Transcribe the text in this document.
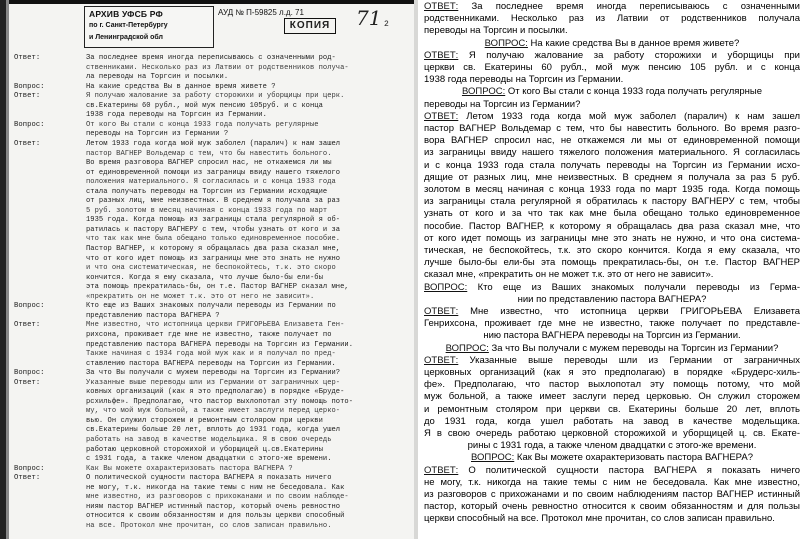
АРХИВ УФСБ РФ
по г. Санкт-Петербургу
и Ленинградской обл
АУД № П-59825 л.д. 71
КОПИЯ 71 2
Ответ:	За последнее время иногда переписываюсь с означенными род-
ственниками. Несколько раз из Латвии от родственников получа-
ла переводы на Торгсин и посылки.
Вопрос:	На какие средства Вы в данное время живете ?
Ответ:	Я получаю жалование за работу сторожихи и уборщицы при церк.
св.Екатерины 60 рубл., мой муж пенсию 105руб. и с конца
1938 года переводы на Торгсин из Германии.
Вопрос:	От кого Вы стали с конца 1933 года получать регулярные
переводы на Торгсин из Германии ?
Ответ:	Летом 1933 года когда мой муж заболел (паралич) к нам зашел
пастор ВАГНЕР Вольдемар с тем, что бы навестить больного.
Во время разговора ВАГНЕР спросил нас, не откажемся ли мы
от единовременной помощи из заграницы ввиду нашего тяжелого
положения материального. Я согласилась и с конца 1933 года
стала получать переводы на Торгсин из Германии исходящие
от разных лиц, мне неизвестных. В среднем я получала за раз
5 руб. золотом в месяц начиная с конца 1933 года по март
1935 года. Когда помощь из заграницы стала регулярной я об-
ратилась к пастору ВАГНЕРУ с тем, чтобы узнать от кого и за
что так как мне была обещано только единовременное пособие.
Пастор ВАГНЕР, к которому я обращалась два раза сказал мне,
что от кого идет помощь из заграницы мне это знать не нужно
и что она систематическая, не беспокойтесь, т.к. это скоро
кончится. Когда я ему сказала, что лучше было-бы ели-бы
эта помощь прекратилась-бы, он т.е. Пастор ВАГНЕР сказал мне,
«прекратить он не может т.к. это от него не зависит».
Вопрос:	Кто еще из Ваших знакомых получали переводы из Германии по
представлению пастора ВАГНЕРА ?
Ответ:	Мне известно, что истопница церкви ГРИГОРЬЕВА Елизавета Ген-
рихсона, проживает где мне не известно, также получает по
представлению пастора ВАГНЕРА переводы на Торгсин из Германии.
Также начиная с 1934 года мой муж как и я получал по пред-
ставлению пастора ВАГНЕРА переводы на Торгсин из Германии.
Вопрос:	За что Вы получали с мужем переводы на Торгсин из Германии?
Ответ:	Указанные выше переводы шли из Германии от заграничных цер-
ковных организаций (как я это предполагаю) в порядке «Бруде-
рсхильфе». Предполагаю, что пастор выхлопотал эту помощь пото-
му, что мой муж больной, а также имеет заслуги перед церко-
вью. Он служил сторожем и ремонтным столяром при церкви
св.Екатерины больше 20 лет, вплоть до 1931 года, когда ушел
работать на завод в качестве модельщика. Я в свою очередь
работаю церковной сторожихой и уборщицей ц.св.Екатерины
с 1931 года, а также членом двадцатки с этого-же времени.
Вопрос:	Как Вы можете охарактеризовать пастора ВАГНЕРА ?
Ответ:	О политической сущности пастора ВАГНЕРА я показать ничего
не могу, т.к. никогда на такие темы с ним не беседовала. Как
мне известно, из разговоров с прихожанами и по своим наблюде-
ниям пастор ВАГНЕР истинный пастор, который очень ревностно
относится к своим обязанностям и для пользы церкви способный
на все. Протокол мне прочитан, со слов записан правильно.
ОТВЕТ: За последнее время иногда переписываюсь с означенными
родственниками. Несколько раз из Латвии от родственников получала
переводы на Торгсин и посылки.
ВОПРОС: На какие средства Вы в данное время живете?
ОТВЕТ: Я получаю жалование за работу сторожихи и уборщицы при
церкви св. Екатерины 60 рубл., мой муж пенсию 105 рубл. и с конца
1938 года переводы на Торгсин из Германии.
ВОПРОС: От кого Вы стали с конца 1933 года получать регулярные
переводы на Торгсин из Германии?
ОТВЕТ: Летом 1933 года когда мой муж заболел (паралич) к нам зашел
пастор ВАГНЕР Вольдемар с тем, что бы навестить больного. Во время разго-
вора ВАГНЕР спросил нас, не откажемся ли мы от единовременной помощи
из заграницы ввиду нашего тяжелого положения материального. Я согласилась
и с конца 1933 года стала получать переводы на Торгсин из Германии исхо-
дящие от разных лиц, мне неизвестных. В среднем я получала за раз 5 руб.
золотом в месяц начиная с конца 1933 года по март 1935 года. Когда помощь
из заграницы стала регулярной я обратилась к пастору ВАГНЕРУ с тем, чтобы
узнать от кого и за что так как мне была обещано только единовременное
пособие. Пастор ВАГНЕР, к которому я обращалась два раза сказал мне, что
от кого идет помощь из заграницы мне это знать не нужно, и что она система-
тическая, не беспокойтесь, т.к. это скоро кончится. Когда я ему сказала, что
лучше было-бы ели-бы эта помощь прекратилась-бы, он т.е. Пастор ВАГНЕР
сказал мне, «прекратить он не может т.к. это от него не зависит».
ВОПРОС: Кто еще из Ваших знакомых получали переводы из Герма-
нии по представлению пастора ВАГНЕРА?
ОТВЕТ: Мне известно, что истопница церкви ГРИГОРЬЕВА Елизавета
Генрихсона, проживает где мне не известно, также получает по представле-
нию пастора ВАГНЕРА переводы на Торгсин из Германии.
ВОПРОС: За что Вы получали с мужем переводы на Торгсин из Германии?
ОТВЕТ: Указанные выше переводы шли из Германии от заграничных
церковных организаций (как я это предполагаю) в порядке «Брудерс-хиль-
фе». Предполагаю, что пастор выхлопотал эту помощь потому, что мой
муж больной, а также имеет заслуги перед церковью. Он служил сторожем
и ремонтным столяром при церкви св. Екатерины больше 20 лет, вплоть
до 1931 года, когда ушел работать на завод в качестве модельщика.
Я в свою очередь работаю церковной сторожихой и уборщицей ц. св. Екате-
рины с 1931 года, а также членом двадцатки с этого-же времени.
ВОПРОС: Как Вы можете охарактеризовать пастора ВАГНЕРА?
ОТВЕТ: О политической сущности пастора ВАГНЕРА я показать ничего
не могу, т.к. никогда на такие темы с ним не беседовала. Как мне известно,
из разговоров с прихожанами и по своим наблюдениям пастор ВАГНЕР истинный
пастор, который очень ревностно относится к своим обязанностям и для пользы
церкви способный на все. Протокол мне прочитан, со слов записан правильно.
